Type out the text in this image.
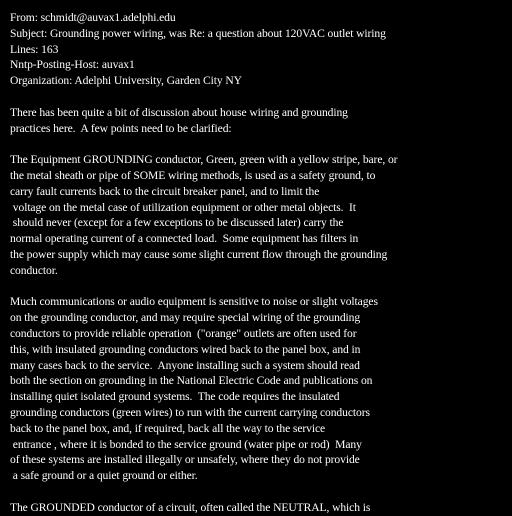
From: schmidt@auvax1.adelphi.edu
Subject: Grounding power wiring, was Re: a question about 120VAC outlet wiring
Lines: 163
Nntp-Posting-Host: auvax1
Organization: Adelphi University, Garden City NY
There has been quite a bit of discussion about house wiring and grounding
practices here.  A few points need to be clarified:
The Equipment GROUNDING conductor, Green, green with a yellow stripe, bare, or
the metal sheath or pipe of SOME wiring methods, is used as a safety ground, to
carry fault currents back to the circuit breaker panel, and to limit the
voltage on the metal case of utilization equipment or other metal objects.  It
should never (except for a few exceptions to be discussed later) carry the
normal operating current of a connected load.  Some equipment has filters in
the power supply which may cause some slight current flow through the grounding
conductor.
Much communications or audio equipment is sensitive to noise or slight voltages
on the grounding conductor, and may require special wiring of the grounding
conductors to provide reliable operation  ("orange" outlets are often used for
this, with insulated grounding conductors wired back to the panel box, and in
many cases back to the service.  Anyone installing such a system should read
both the section on grounding in the National Electric Code and publications on
installing quiet isolated ground systems.  The code requires the insulated
grounding conductors (green wires) to run with the current carrying conductors
back to the panel box, and, if required, back all the way to the service
entrance , where it is bonded to the service ground (water pipe or rod)  Many
of these systems are installed illegally or unsafely, where they do not provide
a safe ground or a quiet ground or either.
The GROUNDED conductor of a circuit, often called the NEUTRAL, which is
